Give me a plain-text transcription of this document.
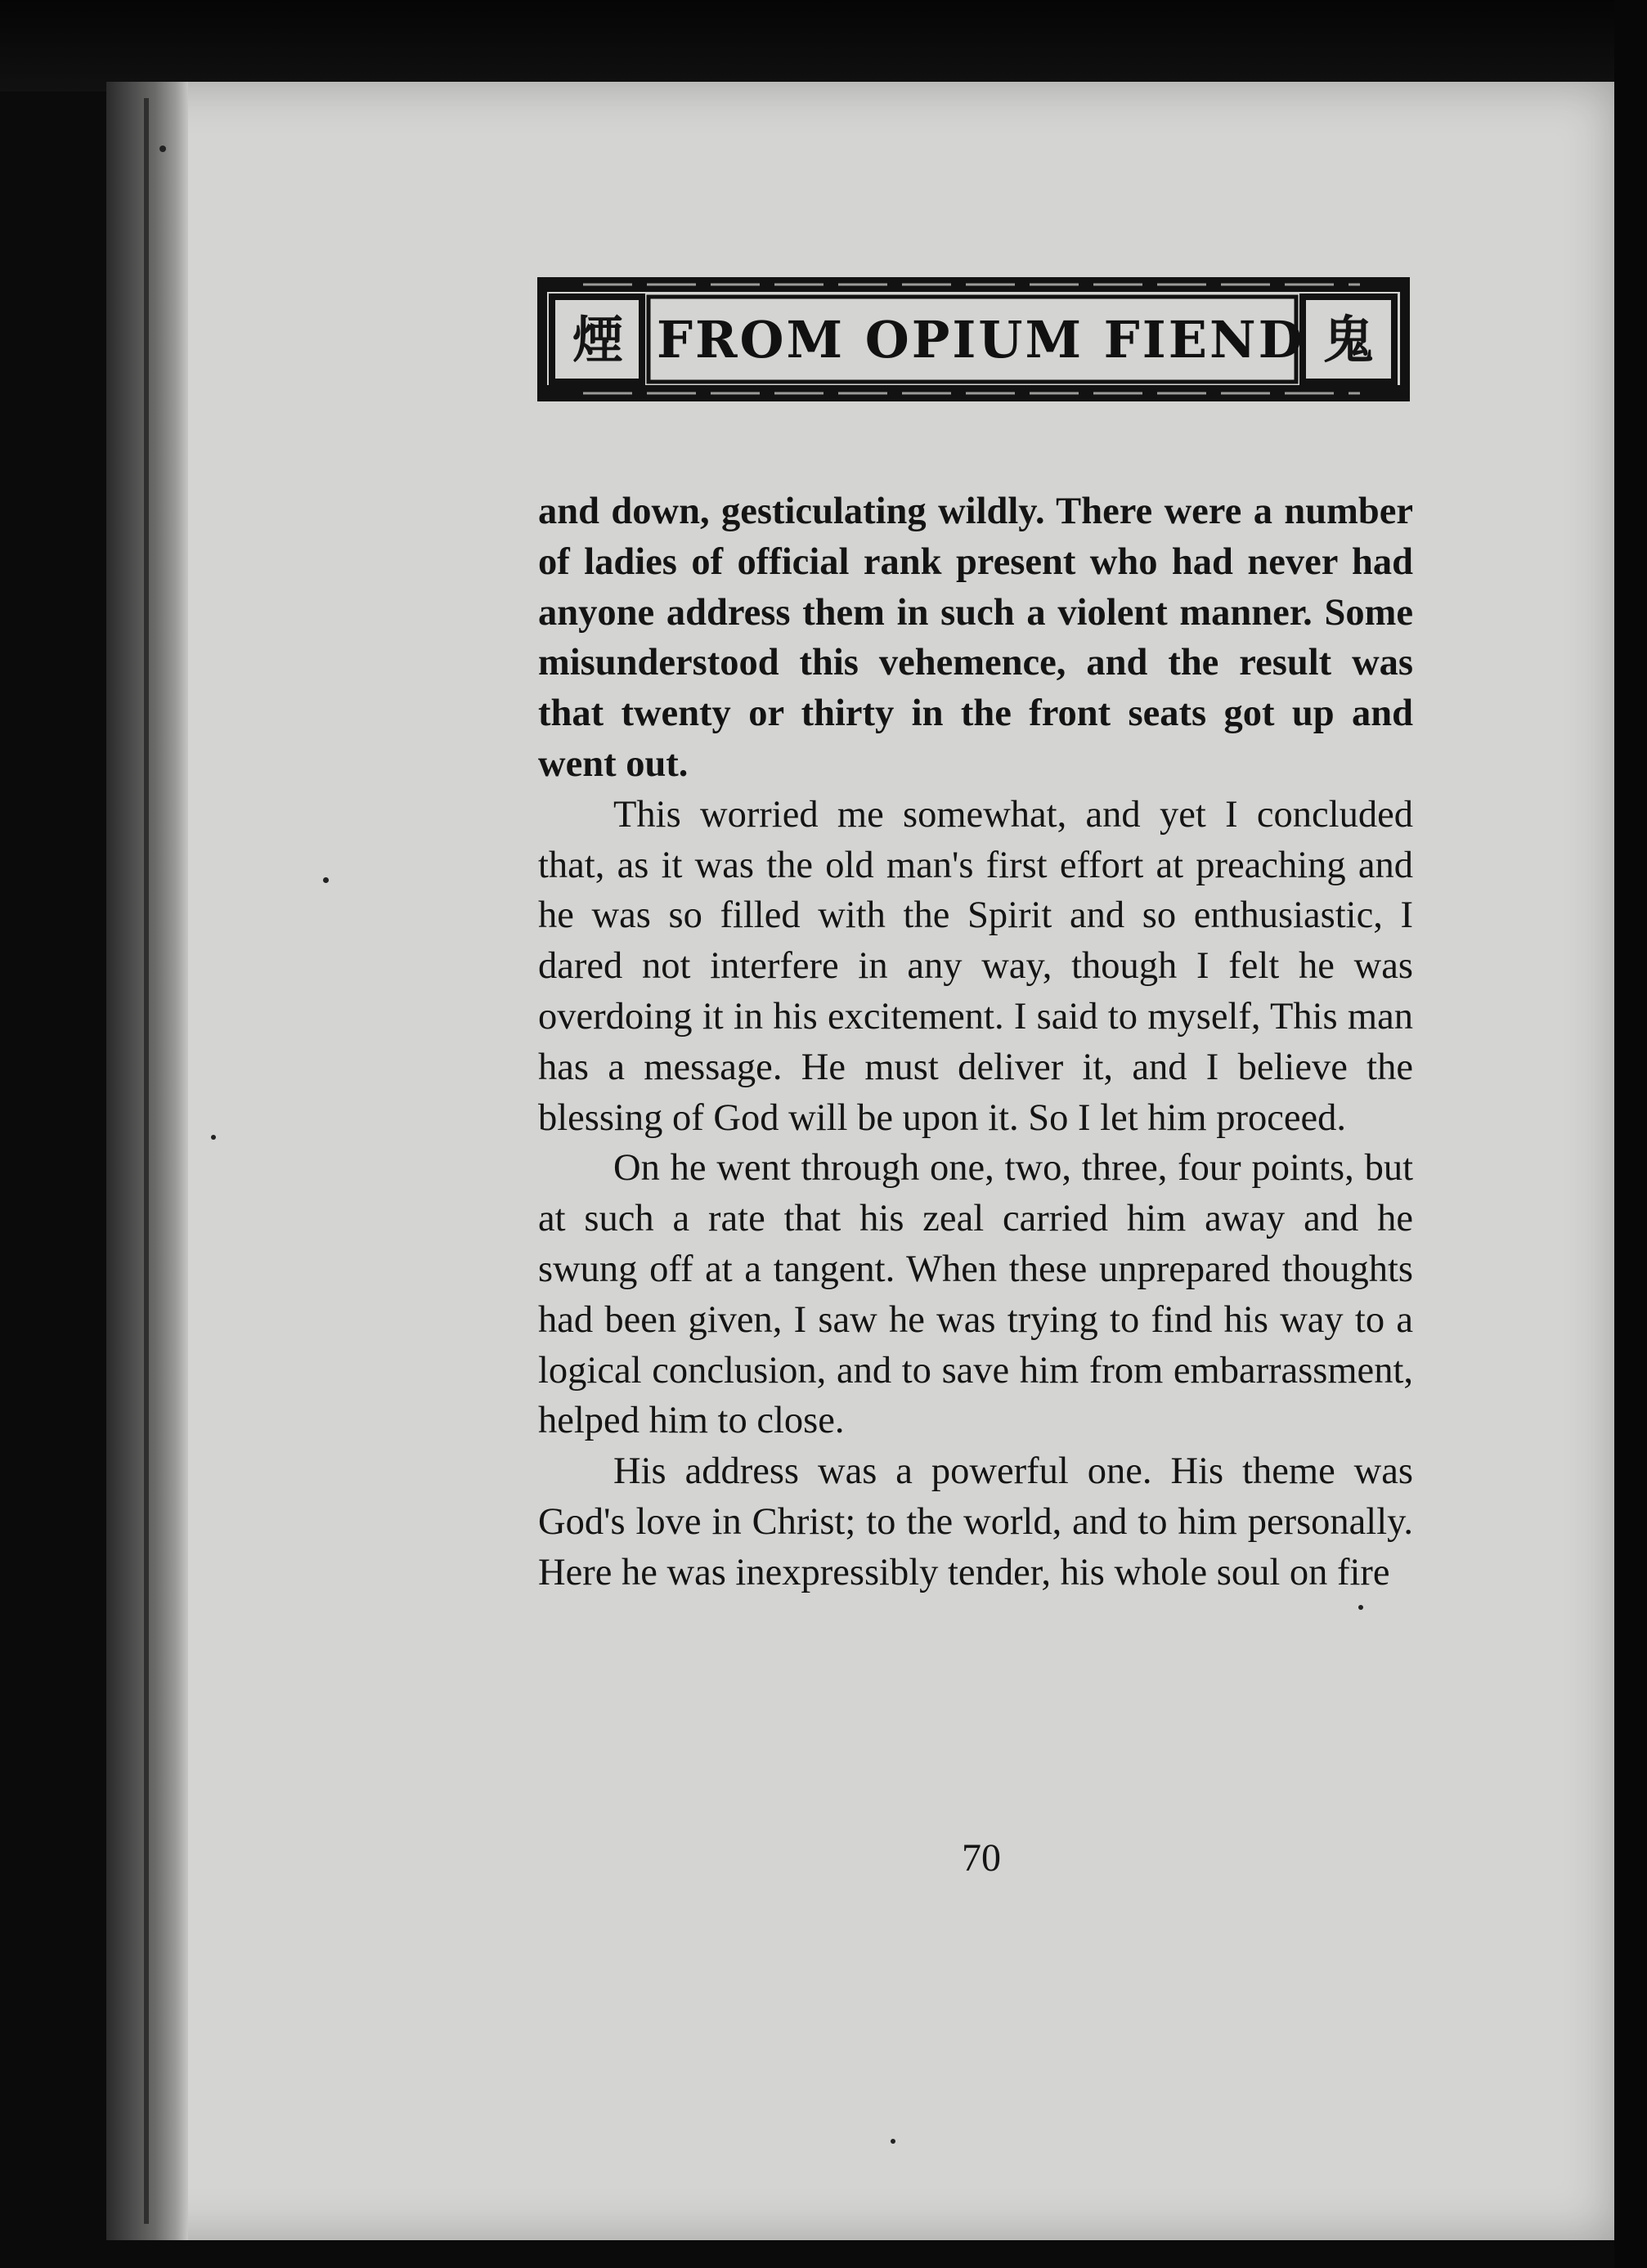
煙 FROM OPIUM FIEND 鬼

and down, gesticulating wildly. There were a number of ladies of official rank present who had never had anyone address them in such a violent manner. Some misunderstood this vehemence, and the result was that twenty or thirty in the front seats got up and went out.

This worried me somewhat, and yet I concluded that, as it was the old man's first effort at preaching and he was so filled with the Spirit and so enthusiastic, I dared not interfere in any way, though I felt he was overdoing it in his excitement. I said to myself, This man has a message. He must deliver it, and I believe the blessing of God will be upon it. So I let him proceed.

On he went through one, two, three, four points, but at such a rate that his zeal carried him away and he swung off at a tangent. When these unprepared thoughts had been given, I saw he was trying to find his way to a logical conclusion, and to save him from embarrassment, helped him to close.

His address was a powerful one. His theme was God's love in Christ; to the world, and to him personally. Here he was inexpressibly tender, his whole soul on fire

70
